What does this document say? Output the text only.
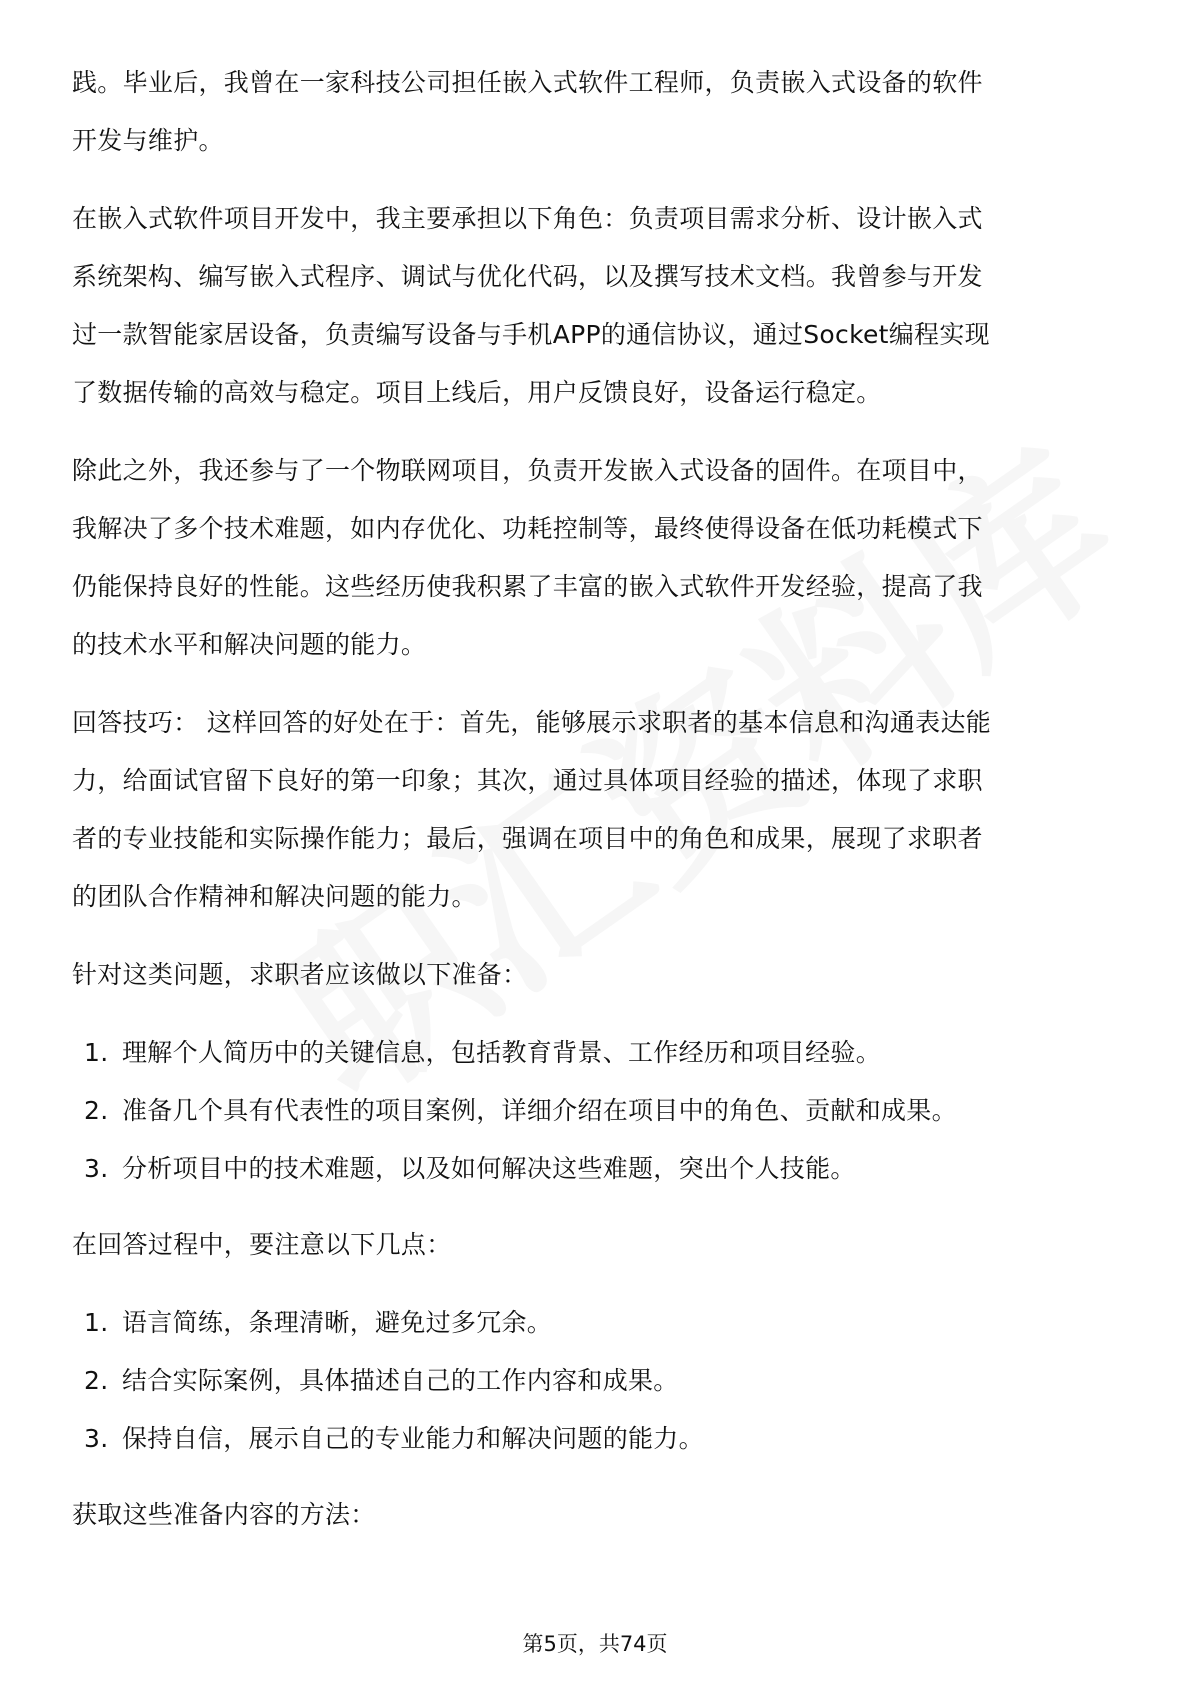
践。毕业后，我曾在一家科技公司担任嵌入式软件工程师，负责嵌入式设备的软件
开发与维护。

在嵌入式软件项目开发中，我主要承担以下角色：负责项目需求分析、设计嵌入式
系统架构、编写嵌入式程序、调试与优化代码，以及撰写技术文档。我曾参与开发
过一款智能家居设备，负责编写设备与手机APP的通信协议，通过Socket编程实现
了数据传输的高效与稳定。项目上线后，用户反馈良好，设备运行稳定。

除此之外，我还参与了一个物联网项目，负责开发嵌入式设备的固件。在项目中，
我解决了多个技术难题，如内存优化、功耗控制等，最终使得设备在低功耗模式下
仍能保持良好的性能。这些经历使我积累了丰富的嵌入式软件开发经验，提高了我
的技术水平和解决问题的能力。

回答技巧： 这样回答的好处在于：首先，能够展示求职者的基本信息和沟通表达能
力，给面试官留下良好的第一印象；其次，通过具体项目经验的描述，体现了求职
者的专业技能和实际操作能力；最后，强调在项目中的角色和成果，展现了求职者
的团队合作精神和解决问题的能力。

针对这类问题，求职者应该做以下准备：

1. 理解个人简历中的关键信息，包括教育背景、工作经历和项目经验。
2. 准备几个具有代表性的项目案例，详细介绍在项目中的角色、贡献和成果。
3. 分析项目中的技术难题，以及如何解决这些难题，突出个人技能。

在回答过程中，要注意以下几点：

1. 语言简练，条理清晰，避免过多冗余。
2. 结合实际案例，具体描述自己的工作内容和成果。
3. 保持自信，展示自己的专业能力和解决问题的能力。

获取这些准备内容的方法：

第5页，共74页
